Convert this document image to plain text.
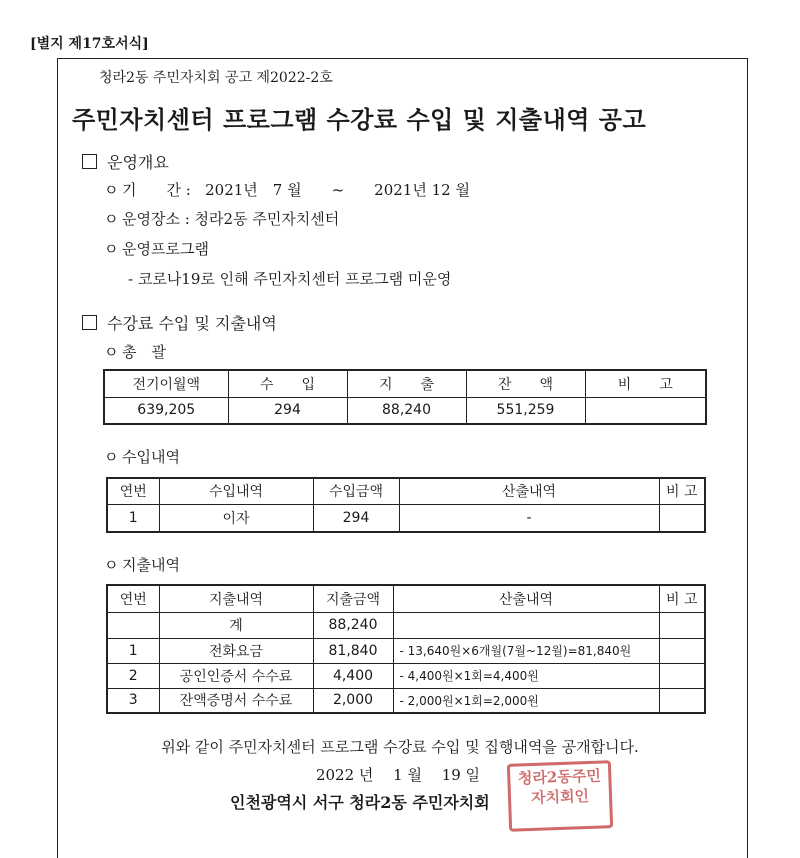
[별지 제17호서식]
청라2동 주민자치회 공고 제2022-2호
주민자치센터 프로그램 수강료 수입 및 지출내역 공고
운영개요
ㅇ 기　　간 : 2021년　7 월　　~　　2021년 12 월
ㅇ 운영장소 : 청라2동 주민자치센터
ㅇ 운영프로그램
- 코로나19로 인해 주민자치센터 프로그램 미운영
수강료 수입 및 지출내역
ㅇ 총　괄
전기이월액	수　　입	지　　출	잔　　액	비　　고
639,205	294	88,240	551,259	
ㅇ 수입내역
연번	수입내역	수입금액	산출내역	비 고
1	이자	294	-	
ㅇ 지출내역
연번	지출내역	지출금액	산출내역	비 고
	계	88,240		
1	전화요금	81,840	- 13,640원×6개월(7월~12월)=81,840원	
2	공인인증서 수수료	4,400	- 4,400원×1회=4,400원	
3	잔액증명서 수수료	2,000	- 2,000원×1회=2,000원	
위와 같이 주민자치센터 프로그램 수강료 수입 및 집행내역을 공개합니다.
2022 년　 1 월　 19 일	청라2동주민자치회인
인천광역시 서구 청라2동 주민자치회
